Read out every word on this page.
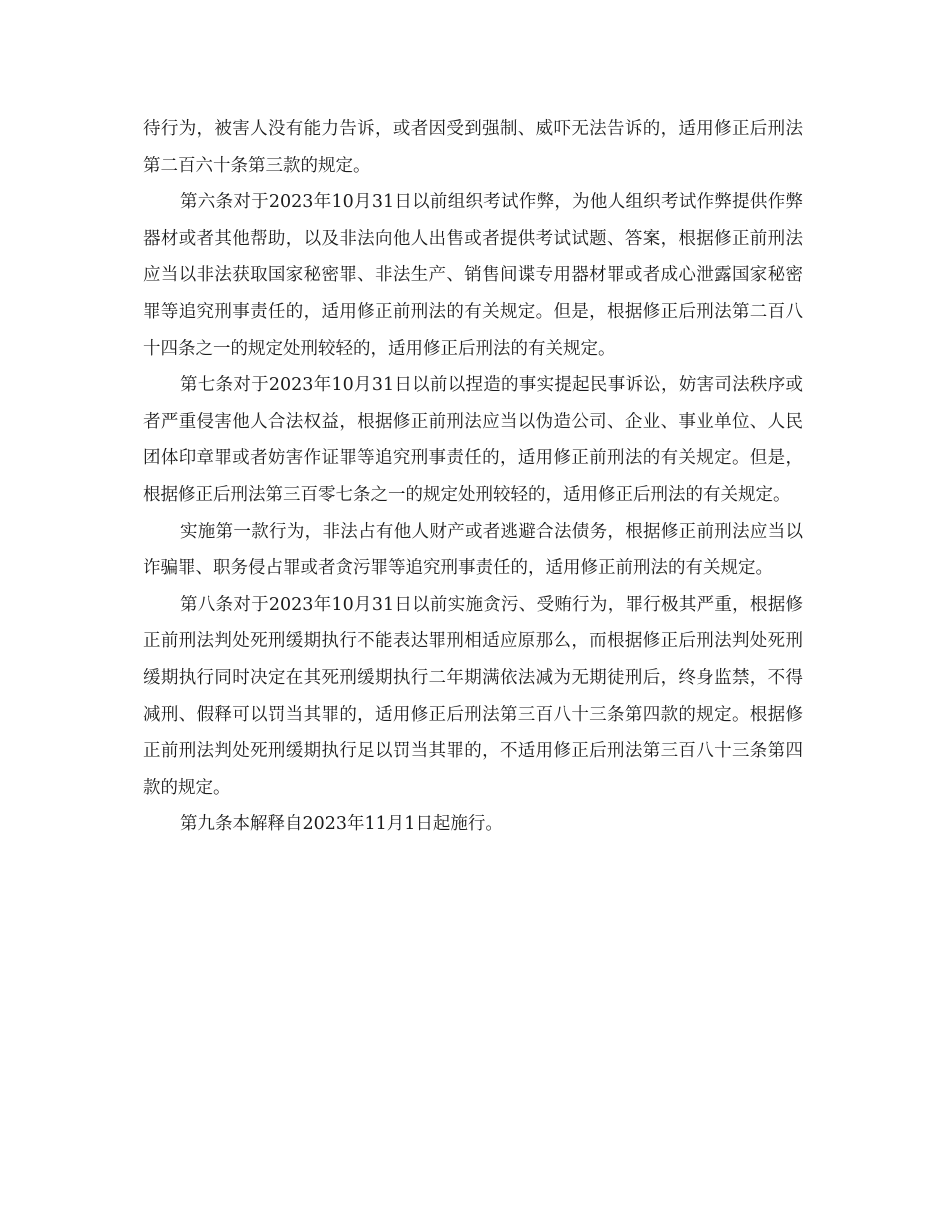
待行为，被害人没有能力告诉，或者因受到强制、威吓无法告诉的，适用修正后刑法第二百六十条第三款的规定。

第六条对于2023年10月31日以前组织考试作弊，为他人组织考试作弊提供作弊器材或者其他帮助，以及非法向他人出售或者提供考试试题、答案，根据修正前刑法应当以非法获取国家秘密罪、非法生产、销售间谍专用器材罪或者成心泄露国家秘密罪等追究刑事责任的，适用修正前刑法的有关规定。但是，根据修正后刑法第二百八十四条之一的规定处刑较轻的，适用修正后刑法的有关规定。

第七条对于2023年10月31日以前以捏造的事实提起民事诉讼，妨害司法秩序或者严重侵害他人合法权益，根据修正前刑法应当以伪造公司、企业、事业单位、人民团体印章罪或者妨害作证罪等追究刑事责任的，适用修正前刑法的有关规定。但是，根据修正后刑法第三百零七条之一的规定处刑较轻的，适用修正后刑法的有关规定。

实施第一款行为，非法占有他人财产或者逃避合法债务，根据修正前刑法应当以诈骗罪、职务侵占罪或者贪污罪等追究刑事责任的，适用修正前刑法的有关规定。

第八条对于2023年10月31日以前实施贪污、受贿行为，罪行极其严重，根据修正前刑法判处死刑缓期执行不能表达罪刑相适应原那么，而根据修正后刑法判处死刑缓期执行同时决定在其死刑缓期执行二年期满依法减为无期徒刑后，终身监禁，不得减刑、假释可以罚当其罪的，适用修正后刑法第三百八十三条第四款的规定。根据修正前刑法判处死刑缓期执行足以罚当其罪的，不适用修正后刑法第三百八十三条第四款的规定。

第九条本解释自2023年11月1日起施行。
